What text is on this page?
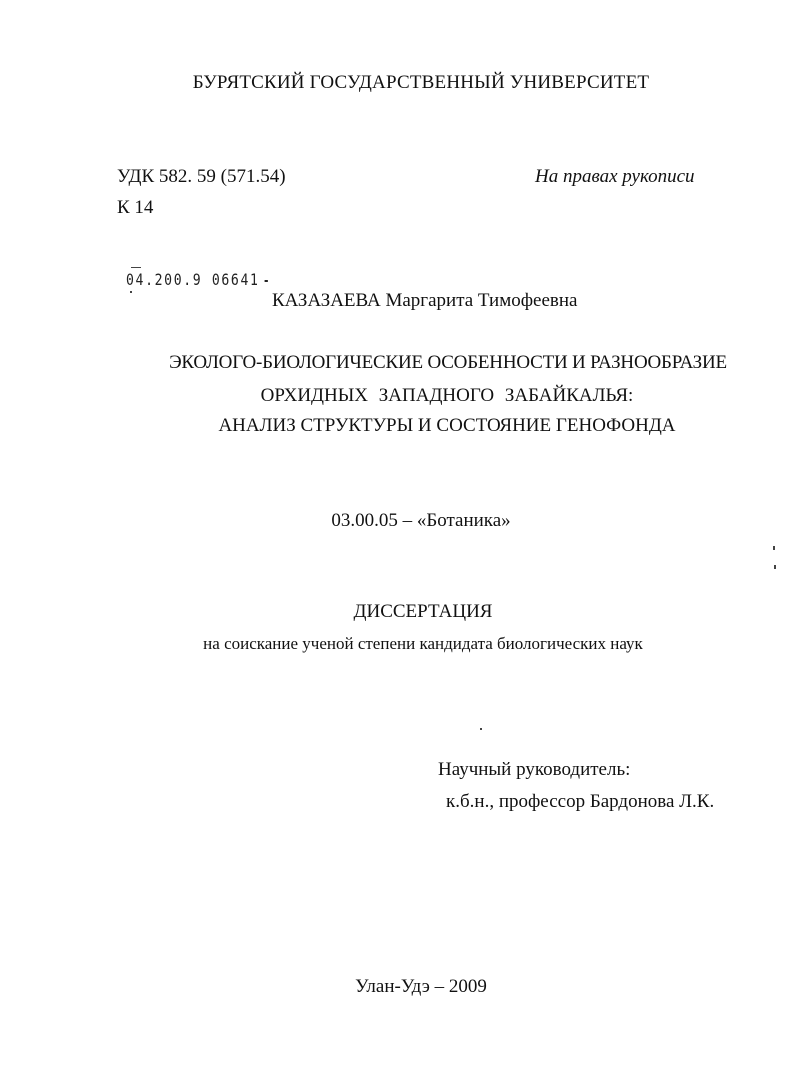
БУРЯТСКИЙ ГОСУДАРСТВЕННЫЙ УНИВЕРСИТЕТ
УДК 582. 59 (571.54)
К 14
На правах рукописи
04.200.9 06641
КАЗАЗАЕВА Маргарита Тимофеевна
ЭКОЛОГО-БИОЛОГИЧЕСКИЕ ОСОБЕННОСТИ И РАЗНООБРАЗИЕ
ОРХИДНЫХ ЗАПАДНОГО ЗАБАЙКАЛЬЯ:
АНАЛИЗ СТРУКТУРЫ И СОСТОЯНИЕ ГЕНОФОНДА
03.00.05 – «Ботаника»
ДИССЕРТАЦИЯ
на соискание ученой степени кандидата биологических наук
Научный руководитель:
к.б.н., профессор Бардонова Л.К.
Улан-Удэ – 2009
